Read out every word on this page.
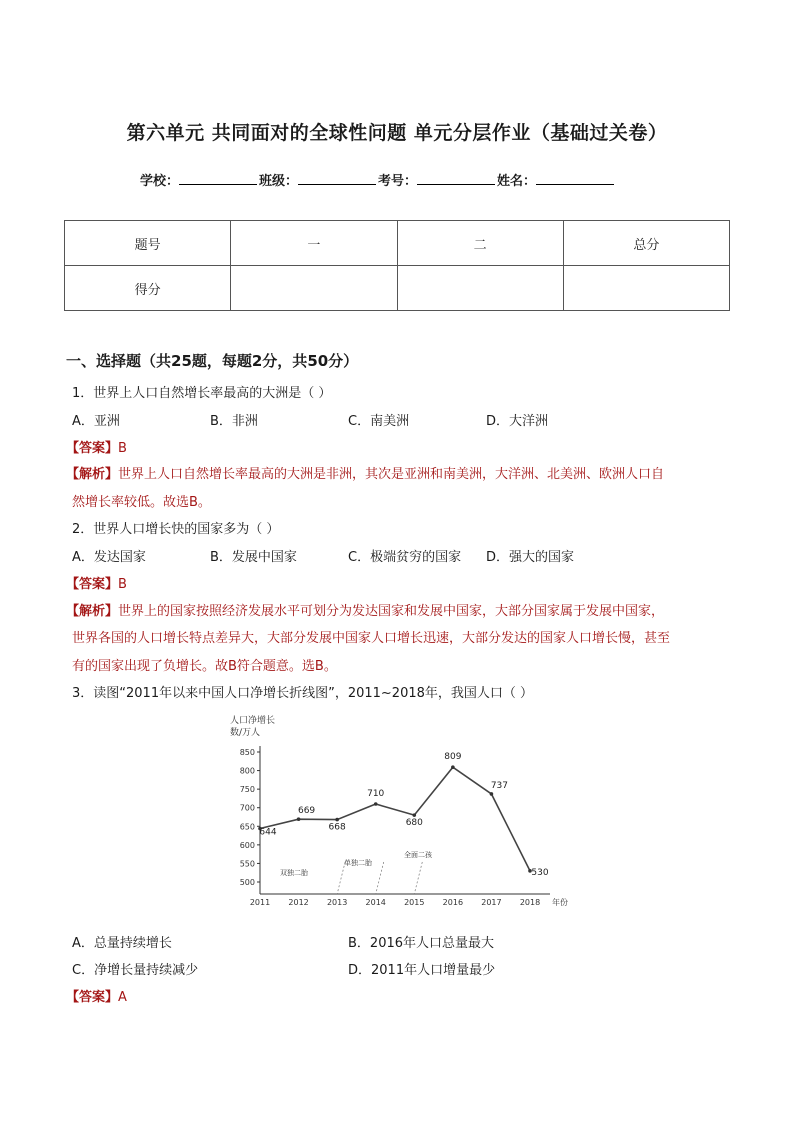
第六单元 共同面对的全球性问题 单元分层作业（基础过关卷）
学校：	班级：	考号：	姓名：
题号	一	二	总分
得分			
一、选择题（共25题，每题2分，共50分）
1．世界上人口自然增长率最高的大洲是（ ）
A．亚洲	B．非洲	C．南美洲	D．大洋洲
【答案】B
【解析】世界上人口自然增长率最高的大洲是非洲，其次是亚洲和南美洲，大洋洲、北美洲、欧洲人口自
然增长率较低。故选B。
2．世界人口增长快的国家多为（ ）
A．发达国家	B．发展中国家	C．极端贫穷的国家 D．强大的国家
【答案】B
【解析】世界上的国家按照经济发展水平可划分为发达国家和发展中国家，大部分国家属于发展中国家，
世界各国的人口增长特点差异大，大部分发展中国家人口增长迅速，大部分发达的国家人口增长慢，甚至
有的国家出现了负增长。故B符合题意。选B。
3．读图“2011年以来中国人口净增长折线图”，2011~2018年，我国人口（ ）
人口净增长
数/万人
850
800
750
700
650
600
550
500
2011 2012 2013 2014 2015 2016 2017 2018
644
669
668
710
680
809
737
530
年份
双独二胎
单独二胎
全面二孩
A．总量持续增长	B．2016年人口总量最大
C．净增长量持续减少	D．2011年人口增量最少
【答案】A
